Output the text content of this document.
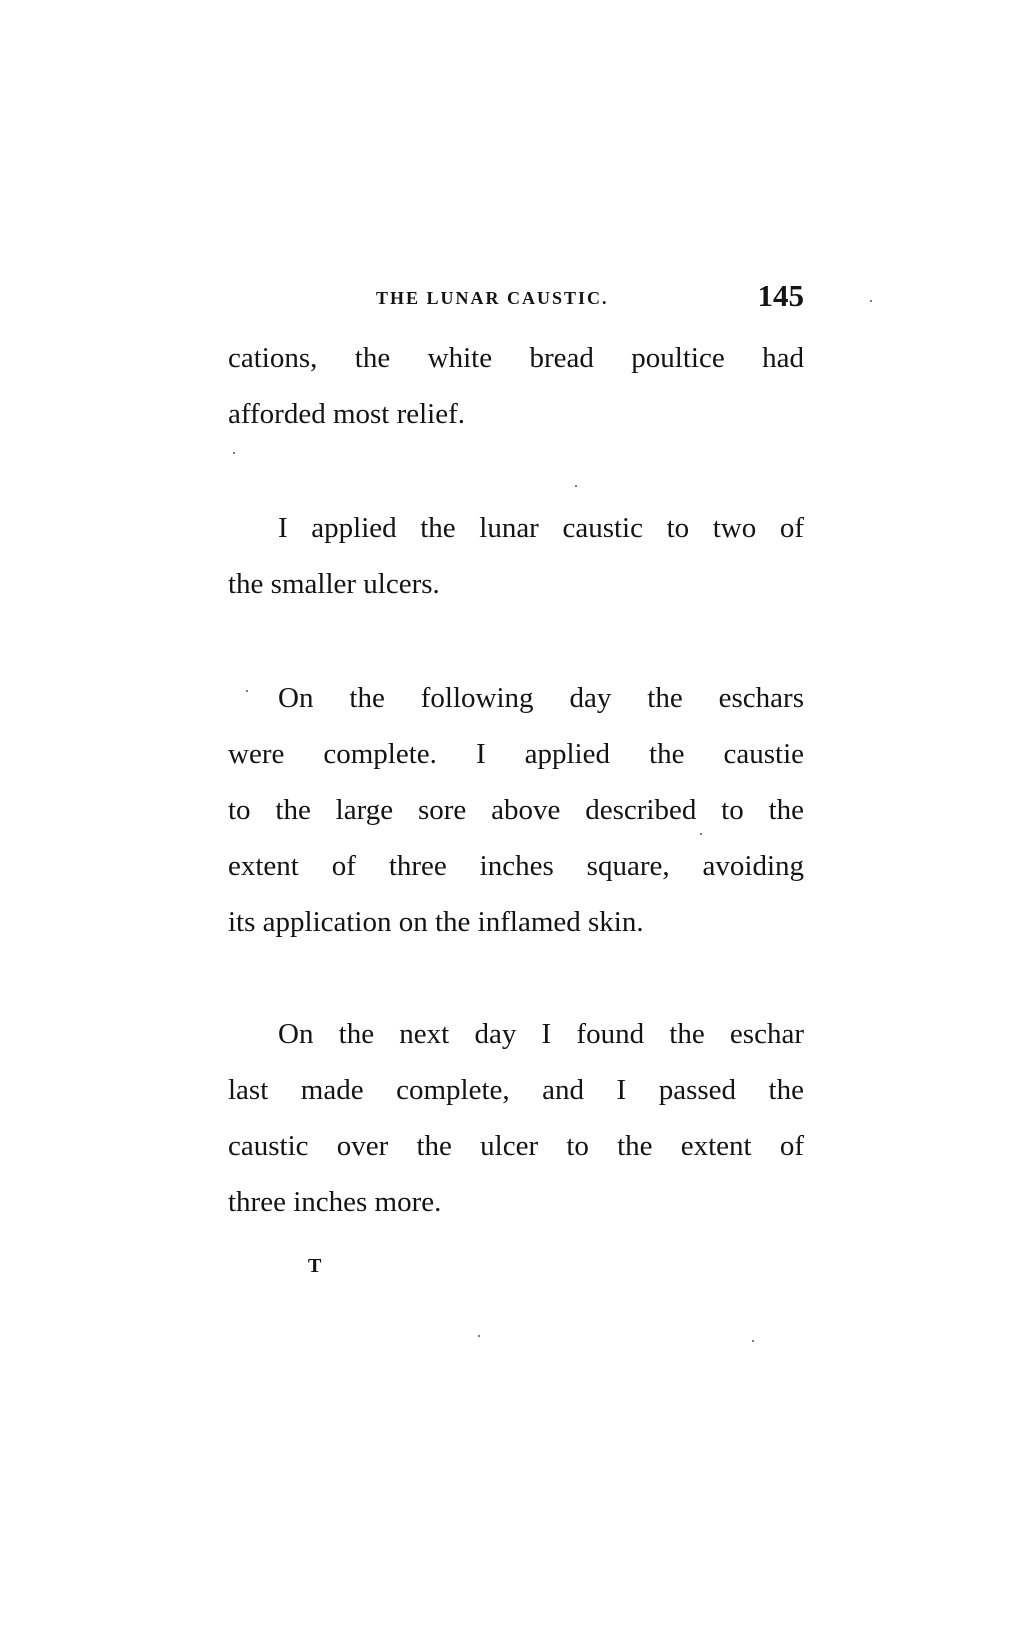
THE LUNAR CAUSTIC.	145

cations, the white bread poultice had
afforded most relief.

I applied the lunar caustic to two of
the smaller ulcers.

On the following day the eschars
were complete. I applied the caustie
to the large sore above described to the
extent of three inches square, avoiding
its application on the inflamed skin.

On the next day I found the eschar
last made complete, and I passed the
caustic over the ulcer to the extent of
three inches more.

T
